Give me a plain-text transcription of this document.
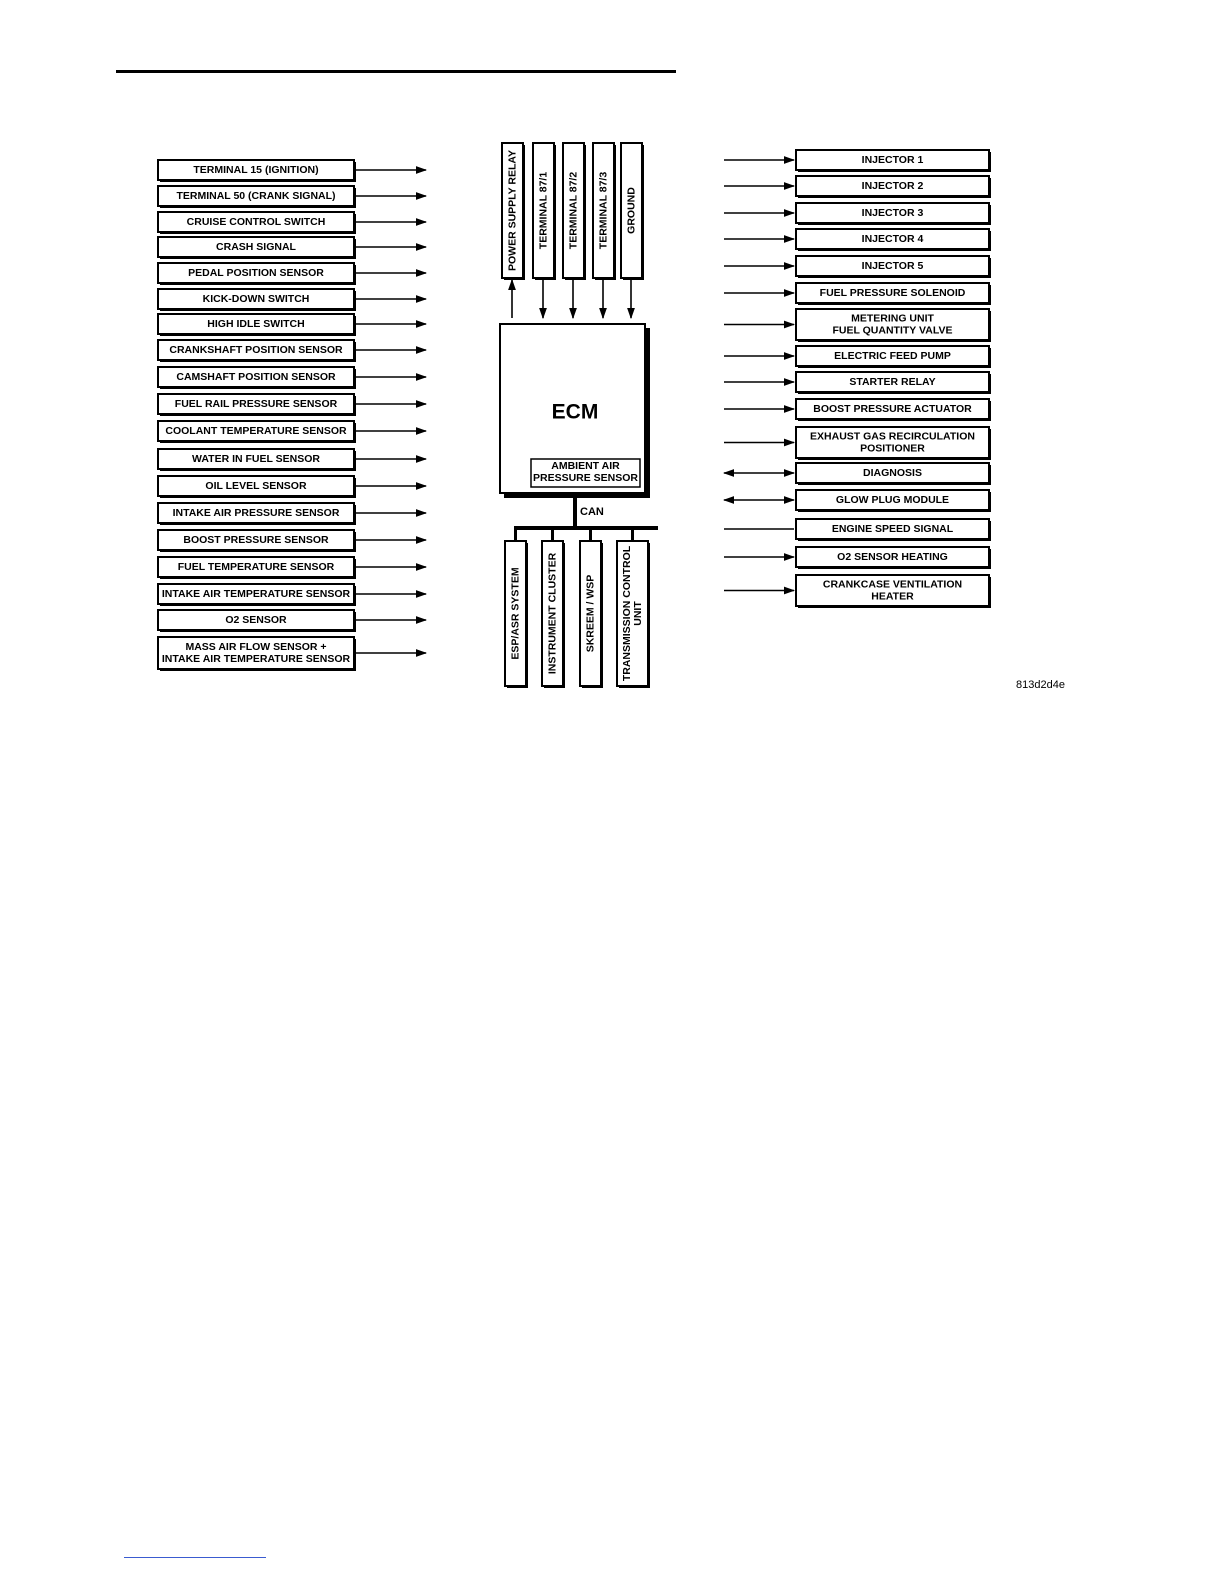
TERMINAL 15 (IGNITION)
TERMINAL 50 (CRANK SIGNAL)
CRUISE CONTROL SWITCH
CRASH SIGNAL
PEDAL POSITION SENSOR
KICK-DOWN SWITCH
HIGH IDLE SWITCH
CRANKSHAFT POSITION SENSOR
CAMSHAFT POSITION SENSOR
FUEL RAIL PRESSURE SENSOR
COOLANT TEMPERATURE SENSOR
WATER IN FUEL SENSOR
OIL LEVEL SENSOR
INTAKE AIR PRESSURE SENSOR
BOOST PRESSURE SENSOR
FUEL TEMPERATURE SENSOR
INTAKE AIR TEMPERATURE SENSOR
O2 SENSOR
MASS AIR FLOW SENSOR +
INTAKE AIR TEMPERATURE SENSOR
POWER SUPPLY RELAY TERMINAL 87/1 TERMINAL 87/2 TERMINAL 87/3 GROUND
ECM
AMBIENT AIR
PRESSURE SENSOR
CAN
ESP/ASR SYSTEM INSTRUMENT CLUSTER SKREEM / WSP TRANSMISSION CONTROL UNIT
INJECTOR 1
INJECTOR 2
INJECTOR 3
INJECTOR 4
INJECTOR 5
FUEL PRESSURE SOLENOID
METERING UNIT
FUEL QUANTITY VALVE
ELECTRIC FEED PUMP
STARTER RELAY
BOOST PRESSURE ACTUATOR
EXHAUST GAS RECIRCULATION
POSITIONER
DIAGNOSIS
GLOW PLUG MODULE
ENGINE SPEED SIGNAL
O2 SENSOR HEATING
CRANKCASE VENTILATION
HEATER
813d2d4e
